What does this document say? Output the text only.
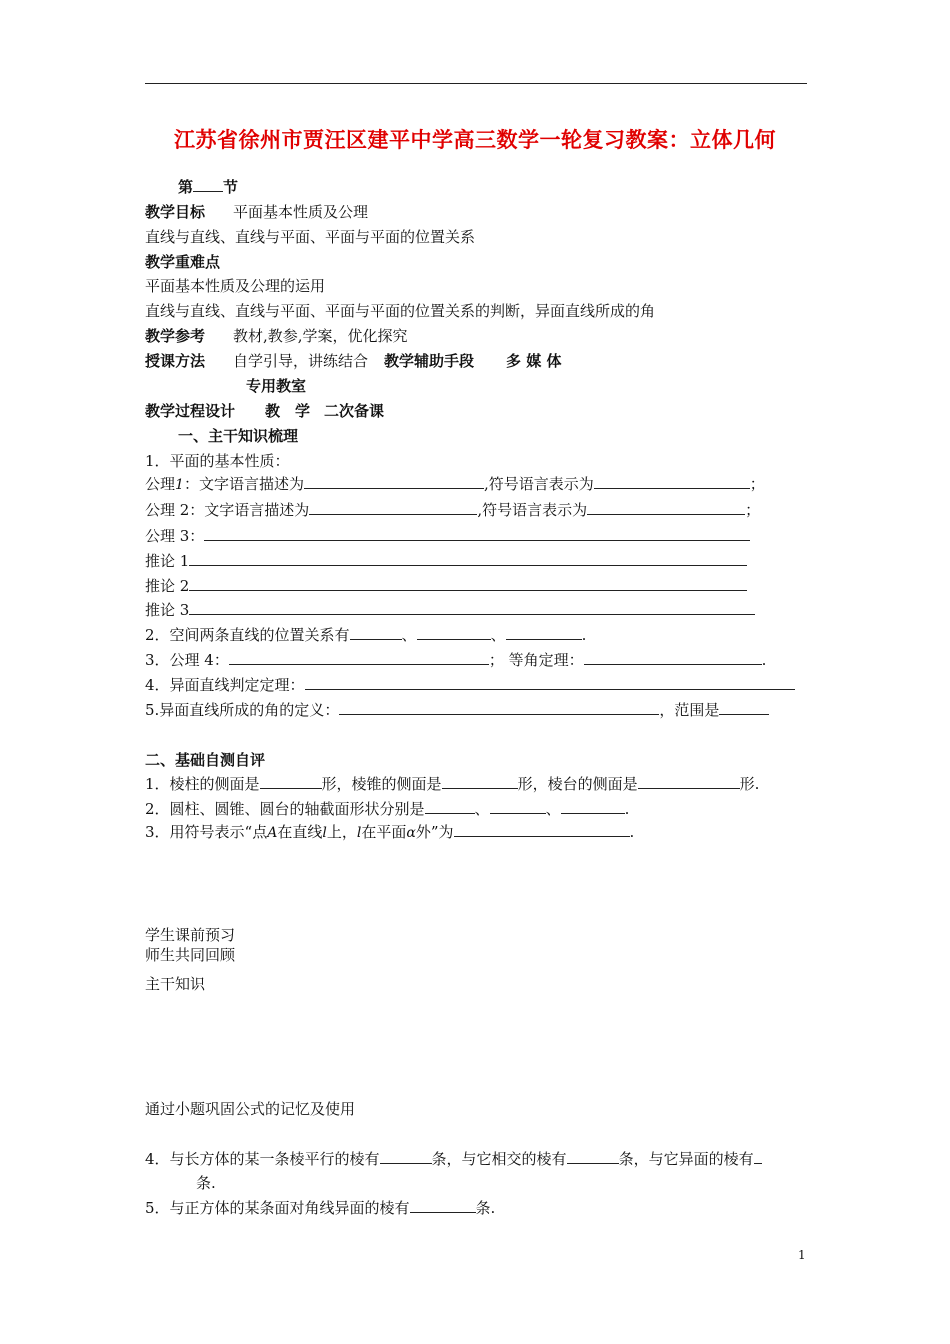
江苏省徐州市贾汪区建平中学高三数学一轮复习教案：立体几何
第 节
教学目标 平面基本性质及公理
直线与直线、直线与平面、平面与平面的位置关系
教学重难点
平面基本性质及公理的运用
直线与直线、直线与平面、平面与平面的位置关系的判断，异面直线所成的角
教学参考 教材,教参,学案，优化探究
授课方法 自学引导，讲练结合 教学辅助手段 多 媒 体
专用教室
教学过程设计 教　学 二次备课
一、主干知识梳理
1．平面的基本性质：
公理1：文字语言描述为	,符号语言表示为	；
公理 2：文字语言描述为	,符号语言表示为	；
公理 3：
推论 1
推论 2
推论 3
2．空间两条直线的位置关系有	、	、	.
3．公理 4：	； 等角定理：	.
4．异面直线判定定理：
5.异面直线所成的角的定义：	，范围是
二、基础自测自评
1．棱柱的侧面是	形，棱锥的侧面是	形，棱台的侧面是	形.
2．圆柱、圆锥、圆台的轴截面形状分别是	、	、	.
3．用符号表示“点A在直线l上，l在平面α外”为	.
学生课前预习
师生共同回顾
主干知识
通过小题巩固公式的记忆及使用
4．与长方体的某一条棱平行的棱有	条，与它相交的棱有	条，与它异面的棱有
条.
5．与正方体的某条面对角线异面的棱有	条.
1
